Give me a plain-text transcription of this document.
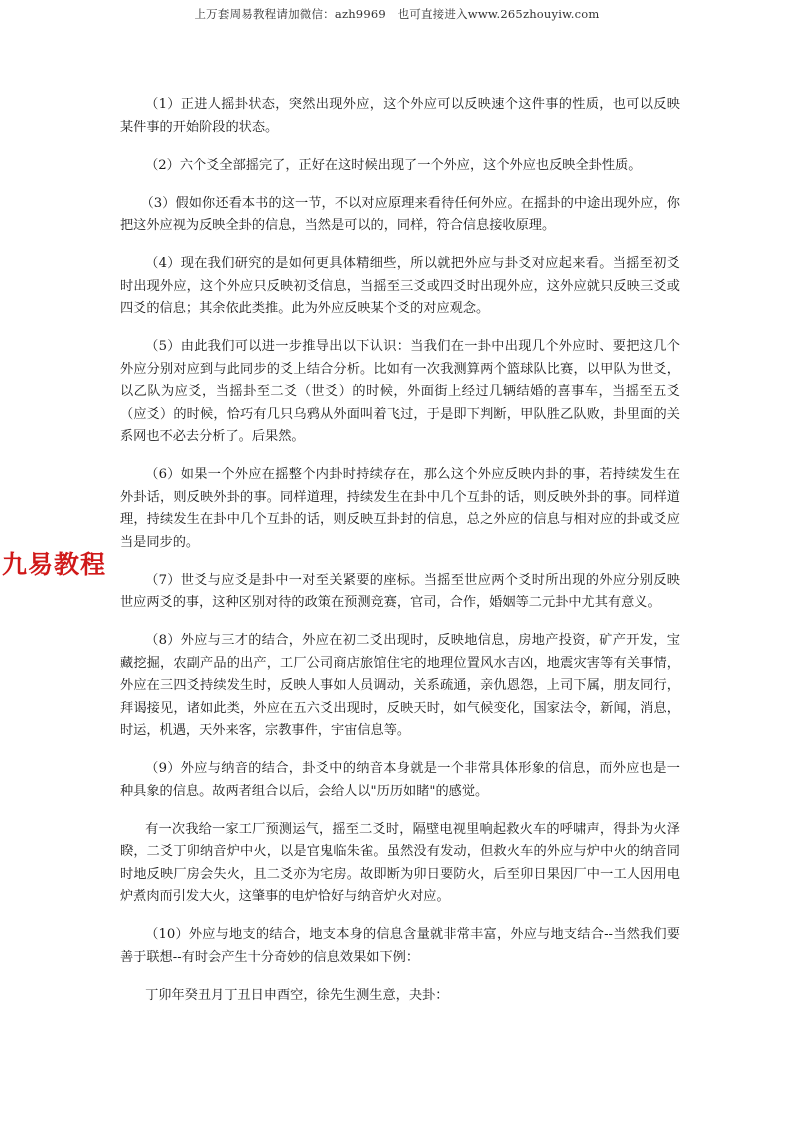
上万套周易教程请加微信：azh9969　也可直接进入www.265zhouyiw.com
九易教程

（1）正进人摇卦状态，突然出现外应，这个外应可以反映速个这件事的性质，也可以反映某件事的开始阶段的状态。

（2）六个爻全部摇完了，正好在这时候出现了一个外应，这个外应也反映全卦性质。

（3）假如你还看本书的这一节，不以对应原理来看待任何外应。在摇卦的中途出现外应，你把这外应视为反映全卦的信息，当然是可以的，同样，符合信息接收原理。

（4）现在我们研究的是如何更具体精细些，所以就把外应与卦爻对应起来看。当摇至初爻时出现外应，这个外应只反映初爻信息，当摇至三爻或四爻时出现外应，这外应就只反映三爻或四爻的信息；其余依此类推。此为外应反映某个爻的对应观念。

（5）由此我们可以进一步推导出以下认识：当我们在一卦中出现几个外应时、要把这几个外应分别对应到与此同步的爻上结合分析。比如有一次我测算两个篮球队比赛，以甲队为世爻，以乙队为应爻，当摇卦至二爻（世爻）的时候，外面街上经过几辆结婚的喜事车，当摇至五爻（应爻）的时候，恰巧有几只乌鸦从外面叫着飞过，于是即下判断，甲队胜乙队败，卦里面的关系网也不必去分析了。后果然。

（6）如果一个外应在摇整个内卦时持续存在，那么这个外应反映内卦的事，若持续发生在外卦话，则反映外卦的事。同样道理，持续发生在卦中几个互卦的话，则反映外卦的事。同样道理，持续发生在卦中几个互卦的话，则反映互卦封的信息，总之外应的信息与相对应的卦或爻应当是同步的。

（7）世爻与应爻是卦中一对至关紧要的座标。当摇至世应两个爻时所出现的外应分别反映世应两爻的事，这种区别对待的政策在预测竞赛，官司，合作，婚姻等二元卦中尤其有意义。

（8）外应与三才的结合，外应在初二爻出现时，反映地信息，房地产投资，矿产开发，宝藏挖掘，农副产品的出产，工厂公司商店旅馆住宅的地理位置风水吉凶，地震灾害等有关事情，外应在三四爻持续发生时，反映人事如人员调动，关系疏通，亲仇恩怨，上司下属，朋友同行，拜谒接见，诸如此类，外应在五六爻出现时，反映天时，如气候变化，国家法令，新闻，消息，时运，机遇，天外来客，宗教事件，宇宙信息等。

（9）外应与纳音的结合，卦爻中的纳音本身就是一个非常具体形象的信息，而外应也是一种具象的信息。故两者组合以后，会给人以"历历如睹"的感觉。

有一次我给一家工厂预测运气，摇至二爻时，隔壁电视里响起救火车的呼啸声，得卦为火泽睽，二爻丁卯纳音炉中火，以是官鬼临朱雀。虽然没有发动，但救火车的外应与炉中火的纳音同时地反映厂房会失火，且二爻亦为宅房。故即断为卯日要防火，后至卯日果因厂中一工人因用电炉煮肉而引发大火，这肇事的电炉恰好与纳音炉火对应。

（10）外应与地支的结合，地支本身的信息含量就非常丰富，外应与地支结合--当然我们要善于联想--有时会产生十分奇妙的信息效果如下例：

丁卯年癸丑月丁丑日申酉空，徐先生测生意，夬卦：
